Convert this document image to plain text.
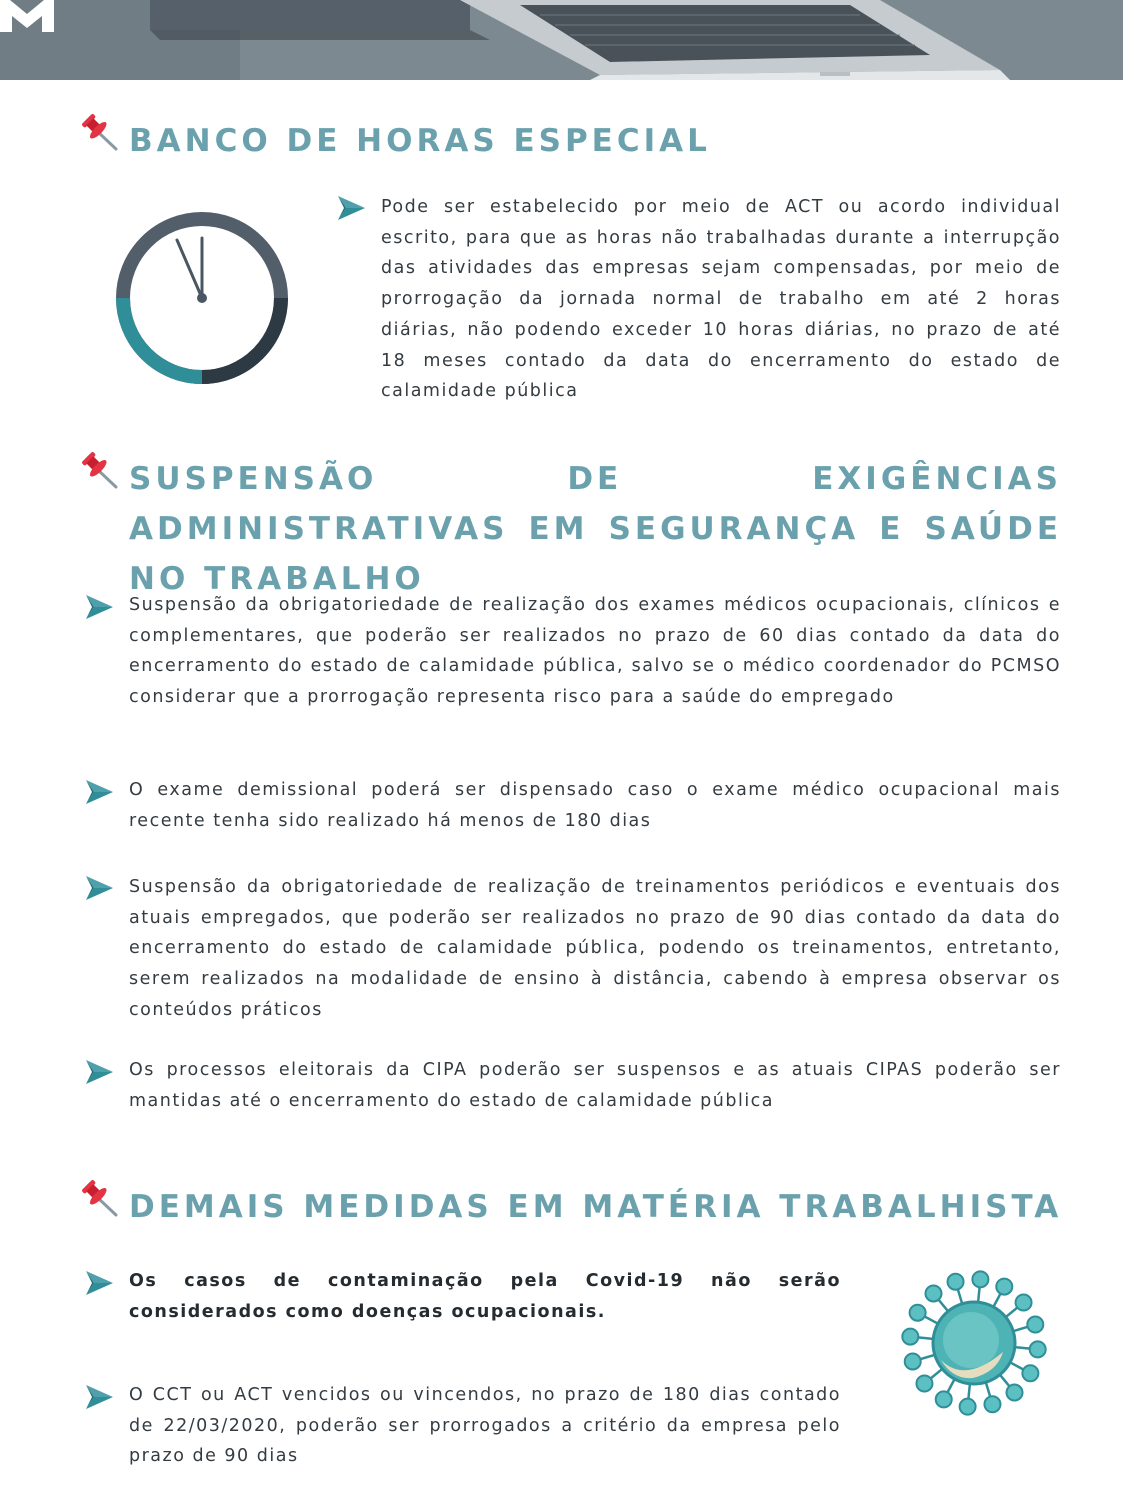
BANCO DE HORAS ESPECIAL

Pode ser estabelecido por meio de ACT ou acordo individual escrito, para que as horas não trabalhadas durante a interrupção das atividades das empresas sejam compensadas, por meio de prorrogação da jornada normal de trabalho em até 2 horas diárias, não podendo exceder 10 horas diárias, no prazo de até 18 meses contado da data do encerramento do estado de calamidade pública

SUSPENSÃO DE EXIGÊNCIAS ADMINISTRATIVAS EM SEGURANÇA E SAÚDE NO TRABALHO

Suspensão da obrigatoriedade de realização dos exames médicos ocupacionais, clínicos e complementares, que poderão ser realizados no prazo de 60 dias contado da data do encerramento do estado de calamidade pública, salvo se o médico coordenador do PCMSO considerar que a prorrogação representa risco para a saúde do empregado

O exame demissional poderá ser dispensado caso o exame médico ocupacional mais recente tenha sido realizado há menos de 180 dias

Suspensão da obrigatoriedade de realização de treinamentos periódicos e eventuais dos atuais empregados, que poderão ser realizados no prazo de 90 dias contado da data do encerramento do estado de calamidade pública, podendo os treinamentos, entretanto, serem realizados na modalidade de ensino à distância, cabendo à empresa observar os conteúdos práticos

Os processos eleitorais da CIPA poderão ser suspensos e as atuais CIPAS poderão ser mantidas até o encerramento do estado de calamidade pública

DEMAIS MEDIDAS EM MATÉRIA TRABALHISTA

Os casos de contaminação pela Covid-19 não serão considerados como doenças ocupacionais.

O CCT ou ACT vencidos ou vincendos, no prazo de 180 dias contado de 22/03/2020, poderão ser prorrogados a critério da empresa pelo prazo de 90 dias
